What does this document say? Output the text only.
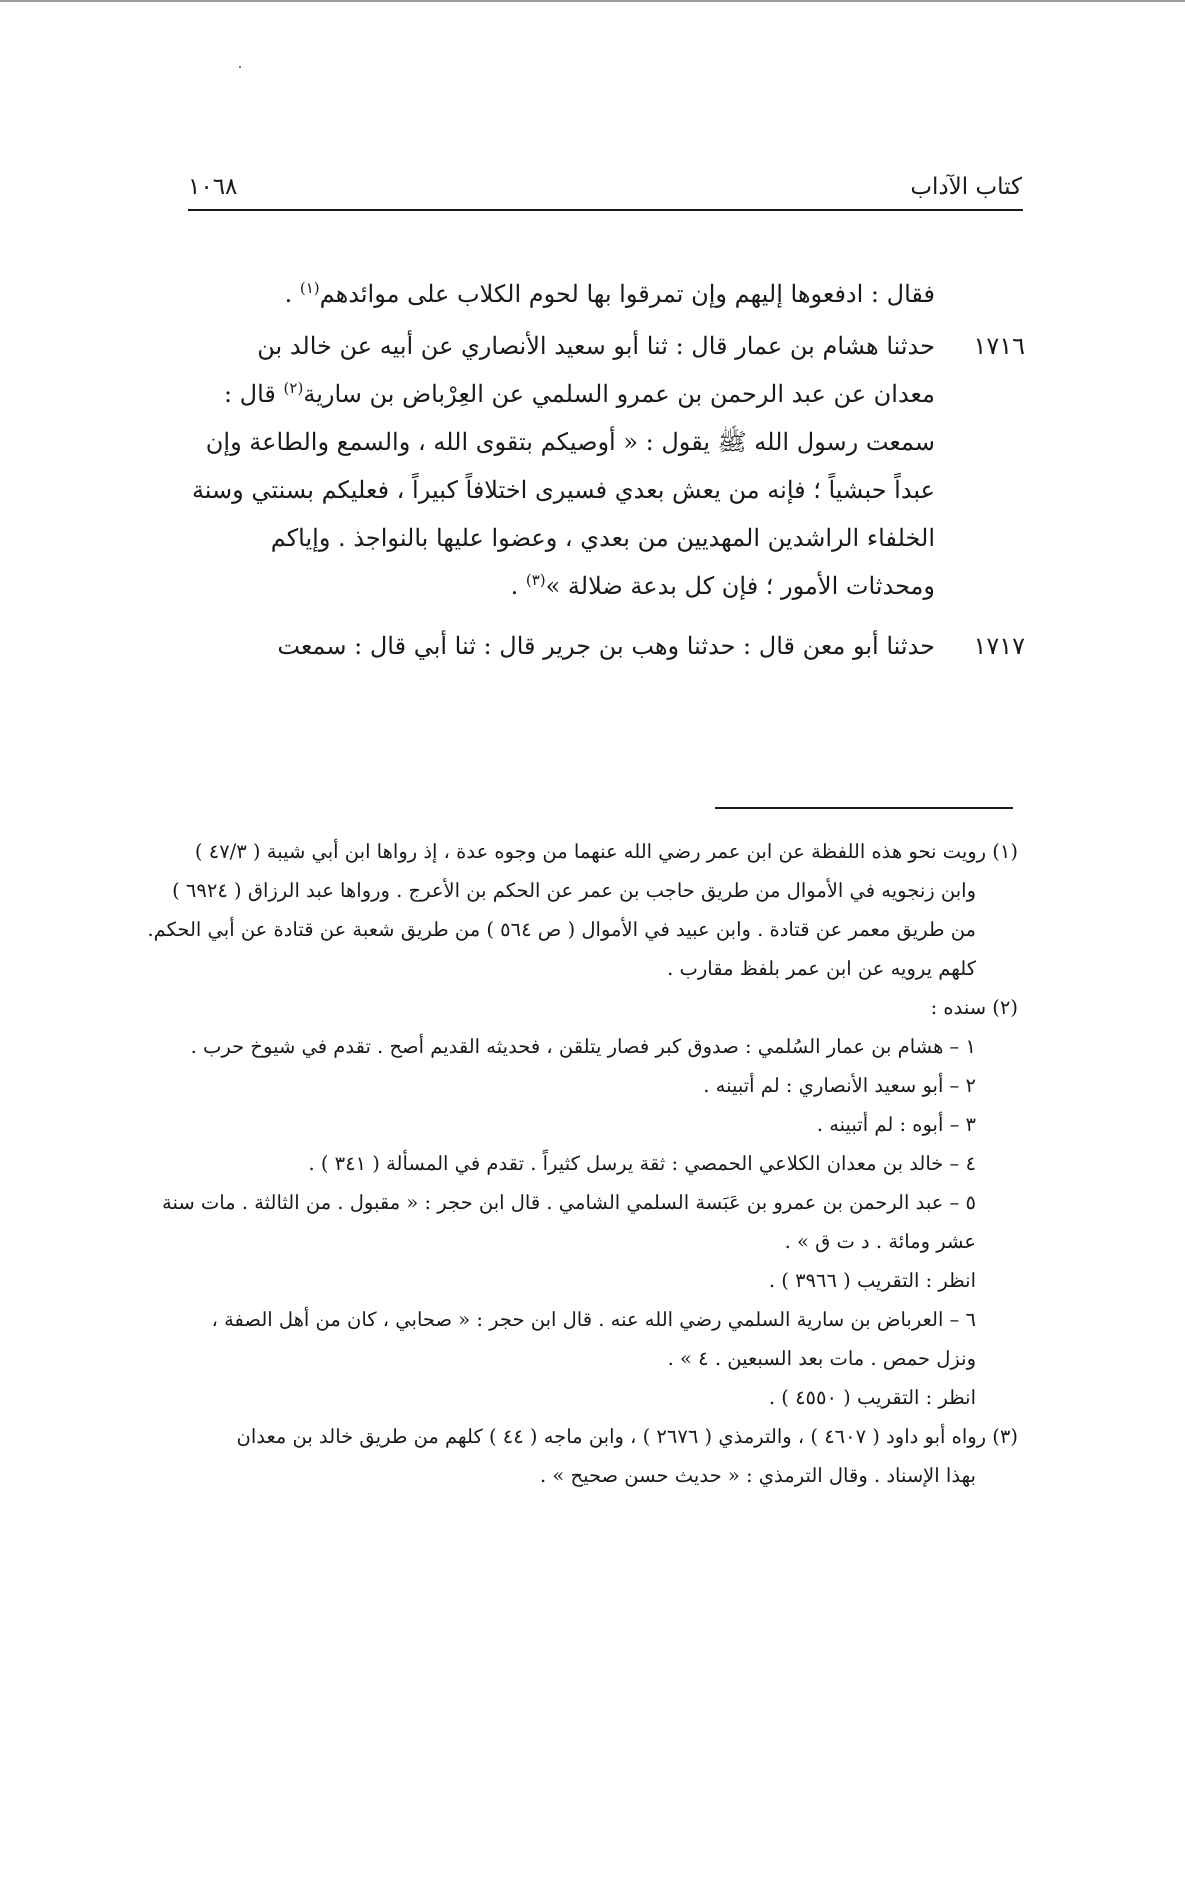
كتاب الآداب
١٠٦٨
فقال : ادفعوها إليهم وإن تمرقوا بها لحوم الكلاب على موائدهم$^{(١)}$ .
١٧١٦
حدثنا هشام بن عمار قال : ثنا أبو سعيد الأنصاري عن أبيه عن خالد بن
معدان عن عبد الرحمن بن عمرو السلمي عن العِرْباض بن سارية$^{(٢)}$ قال :
سمعت رسول الله ﷺ يقول : « أوصيكم بتقوى الله ، والسمع والطاعة وإن
عبداً حبشياً ؛ فإنه من يعش بعدي فسيرى اختلافاً كبيراً ، فعليكم بسنتي وسنة
الخلفاء الراشدين المهديين من بعدي ، وعضوا عليها بالنواجذ . وإياكم
ومحدثات الأمور ؛ فإن كل بدعة ضلالة »$^{(٣)}$ .
١٧١٧
حدثنا أبو معن قال : حدثنا وهب بن جرير قال : ثنا أبي قال : سمعت
(١) رويت نحو هذه اللفظة عن ابن عمر رضي الله عنهما من وجوه عدة ، إذ رواها ابن أبي شيبة ( ٤٧/٣ )
وابن زنجويه في الأموال من طريق حاجب بن عمر عن الحكم بن الأعرج . ورواها عبد الرزاق ( ٦٩٢٤ )
من طريق معمر عن قتادة . وابن عبيد في الأموال ( ص ٥٦٤ ) من طريق شعبة عن قتادة عن أبي الحكم.
كلهم يرويه عن ابن عمر بلفظ مقارب .
(٢) سنده :
١ – هشام بن عمار السُلمي : صدوق كبر فصار يتلقن ، فحديثه القديم أصح . تقدم في شيوخ حرب .
٢ – أبو سعيد الأنصاري : لم أتبينه .
٣ – أبوه : لم أتبينه .
٤ – خالد بن معدان الكلاعي الحمصي : ثقة يرسل كثيراً . تقدم في المسألة ( ٣٤١ ) .
٥ – عبد الرحمن بن عمرو بن عَبَسة السلمي الشامي . قال ابن حجر : « مقبول . من الثالثة . مات سنة
عشر ومائة . د ت ق » .
انظر : التقريب ( ٣٩٦٦ ) .
٦ – العرباض بن سارية السلمي رضي الله عنه . قال ابن حجر : « صحابي ، كان من أهل الصفة ،
ونزل حمص . مات بعد السبعين . ٤ » .
انظر : التقريب ( ٤٥٥٠ ) .
(٣) رواه أبو داود ( ٤٦٠٧ ) ، والترمذي ( ٢٦٧٦ ) ، وابن ماجه ( ٤٤ ) كلهم من طريق خالد بن معدان
بهذا الإسناد . وقال الترمذي : « حديث حسن صحيح » .
